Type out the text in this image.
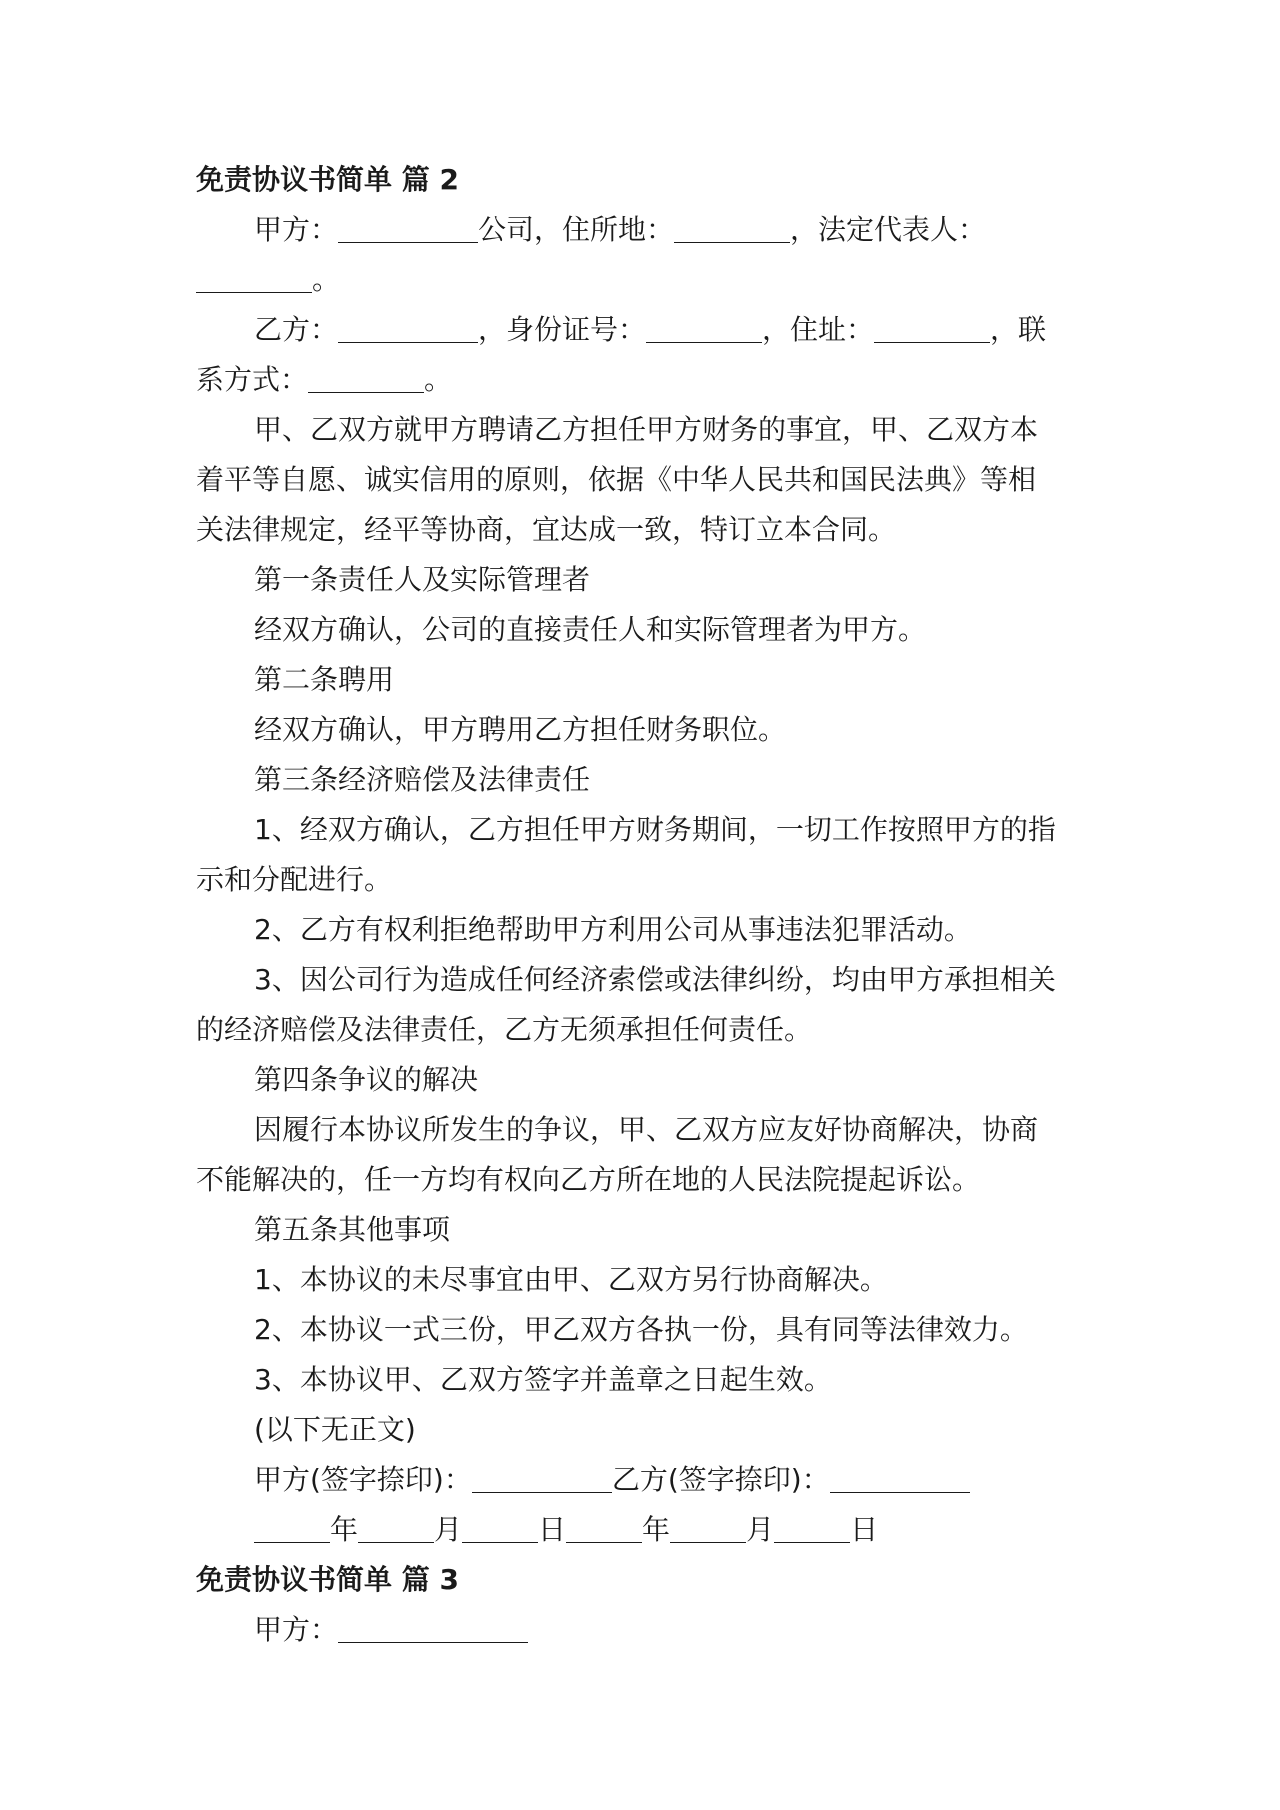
免责协议书简单 篇 2
甲方：	公司，住所地：	，法定代表人：
。
乙方：	，身份证号：	，住址：	，联
系方式：	。
甲、乙双方就甲方聘请乙方担任甲方财务的事宜，甲、乙双方本
着平等自愿、诚实信用的原则，依据《中华人民共和国民法典》等相
关法律规定，经平等协商，宜达成一致，特订立本合同。
第一条责任人及实际管理者
经双方确认，公司的直接责任人和实际管理者为甲方。
第二条聘用
经双方确认，甲方聘用乙方担任财务职位。
第三条经济赔偿及法律责任
1、经双方确认，乙方担任甲方财务期间，一切工作按照甲方的指
示和分配进行。
2、乙方有权利拒绝帮助甲方利用公司从事违法犯罪活动。
3、因公司行为造成任何经济索偿或法律纠纷，均由甲方承担相关
的经济赔偿及法律责任，乙方无须承担任何责任。
第四条争议的解决
因履行本协议所发生的争议，甲、乙双方应友好协商解决，协商
不能解决的，任一方均有权向乙方所在地的人民法院提起诉讼。
第五条其他事项
1、本协议的未尽事宜由甲、乙双方另行协商解决。
2、本协议一式三份，甲乙双方各执一份，具有同等法律效力。
3、本协议甲、乙双方签字并盖章之日起生效。
(以下无正文)
甲方(签字捺印)：	乙方(签字捺印)：
年	月	日	年	月	日
免责协议书简单 篇 3
甲方：
